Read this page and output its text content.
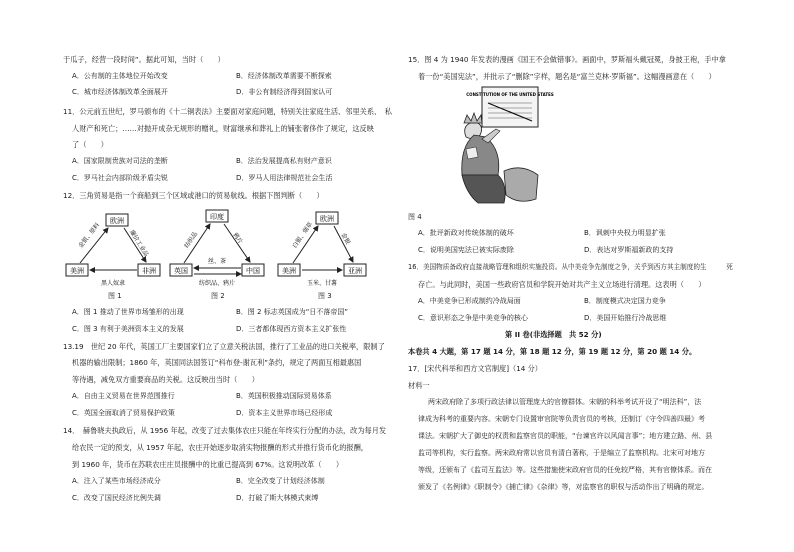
于瓜子，经营一段时间”。据此可知，当时（　　）
A．公有制的主体地位开始改变	B．经济体制改革需要不断探索
C．城市经济体制改革全面展开	D．非公有制经济得到国家认可
11．公元前五世纪，罗马颁布的《十二铜表法》主要面对家庭问题，特别关注家庭生活、邻里关系、　私
人财产和死亡；……对抛开成杂无规形的赠礼，财富继承和葬礼上的铺张奢侈作了规定，这反映
了（　　）
A．国家限制贵族对司法的垄断	B．法治发展提高私有财产意识
C．罗马社会内部阶级矛盾尖锐	D．罗马人用法律规范社会生活
12．三角贸易是指一个商船到三个区域或港口的贸易航线。根据下图判断（　　）
欧洲
美洲	非洲
金银、原料	廉价工业品
黑人奴隶
印度
英国	中国
纺织品	鸦片
丝、茶
纺织品、鸦片
欧洲
美洲	亚洲
白银、烟草	金银
玉米、甘薯
图 1	图 2	图 3
A．图 1 推动了世界市场雏形的出现	B．图 2 标志英国成为“日不落帝国”
C．图 3 有利于美洲资本主义的发展	D．三者都体现西方资本主义扩张性
13.19　世纪 20 年代，英国工厂主要国家们立了立意关税法国，推行了工业品的进口关税率，限制了
机器的输出限制；1860 年，英国同法国签订“科布登-谢瓦利”条约，规定了两面互相最惠国
等待遇，减免双方重要商品的关税。这反映出当时（　　）
A．自由主义贸易在世界范围推行	B．英国积极推动国际贸易体系
C．英国全面取消了贸易保护政策	D．资本主义世界市场已经形成
14．　赫鲁晓夫执政后，从 1956 年起，改变了过去集体农庄只能在年终实行分配的办法，改为每月发
给农民一定的预支，从 1957 年起，农庄开始逐步取消实物报酬的形式并推行货币化的报酬，
到 1960 年，货币在苏联农庄庄员报酬中的比重已提高到 67%。这说明改革（　　）
A．注入了某些市场经济成分	B．完全改变了计划经济体制
C．改变了国民经济比例失调	D．打破了斯大林模式束缚
15．图 4 为 1940 年发表的漫画《国王不会做错事》。画面中，罗斯福头戴冠冕，身披王袍，手中拿
着一份“美国宪法”，并批示了“删除”字样，题名是“富兰克林·罗斯福”。这幅漫画意在（　　）
CONSTITUTION OF THE UNITED STATES
图 4
A．批评新政对传统体制的破坏	B．讽刺中央权力明显扩张
C．说明美国宪法已被实际废除	D．表达对罗斯福新政的支持
16．美国物质备政府直接战略管理和组织实施投资。从中美竞争先制度之争，关乎到西方其主制度的生　　　死
存亡。与此同时，美国一些政府官员和学院开始对共产主义立场进行清理。这表明（　　）
A．中美竞争已形成制约冷战局面	B．制度模式决定国力竞争
C．意识形态之争是中美竞争的核心	D．美国开始推行冷战思维
第 II 卷(非选择题　共 52 分)
本卷共 4 大题，第 17 题 14 分，第 18 题 12 分，第 19 题 12 分，第 20 题 14 分。
17．[宋代科举和西方文官制度]（14 分）
材料一
两宋政府除了多项行政法律以管理庞大的官僚群体。宋朝的科举考试开设了“明法科”，法
律成为科考的重要内容。宋朝专门设置审官院等负责官员的考核，还制订《守令四善四最》考
课法。宋朝扩大了御史的权责和监察官员的职能，“台谏官许以风闻言事”；地方建立路、州、县
监司等机构，实行监察。两宋政府常以官员有清白著称，于是编立了监察机构。北宋可对地方
等级，还颁布了《监司互监法》等。这些措施使宋政府官员的任免较严格，其有官僚体系。而在
颁发了《名例律》《职制令》《捕亡律》《杂律》等，对监察官的职权与活动作出了明确的规定。
